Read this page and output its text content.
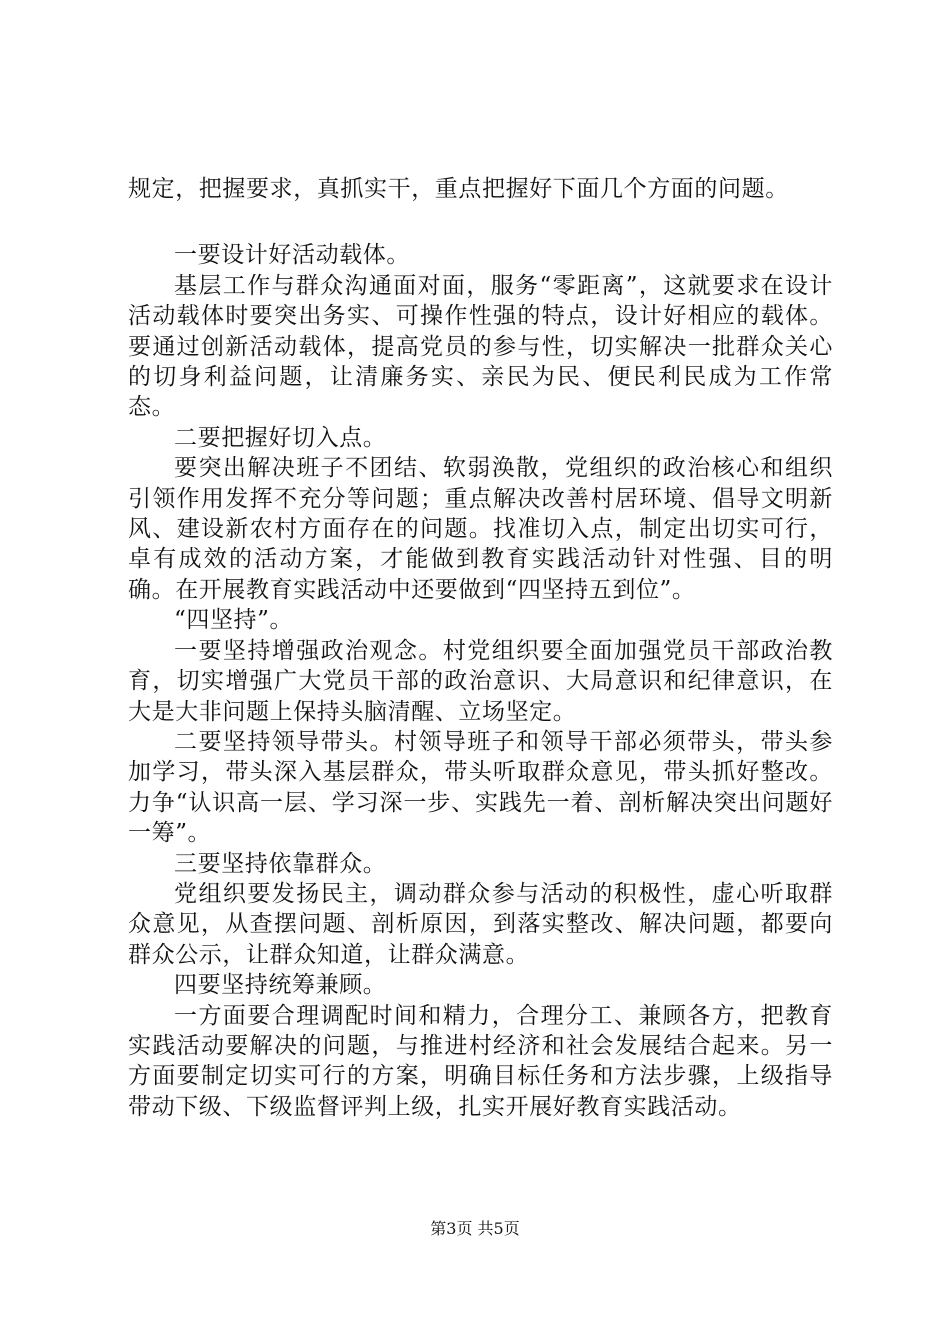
规定，把握要求，真抓实干，重点把握好下面几个方面的问题。

一要设计好活动载体。

基层工作与群众沟通面对面，服务“零距离”，这就要求在设计活动载体时要突出务实、可操作性强的特点，设计好相应的载体。要通过创新活动载体，提高党员的参与性，切实解决一批群众关心的切身利益问题，让清廉务实、亲民为民、便民利民成为工作常态。

二要把握好切入点。

要突出解决班子不团结、软弱涣散，党组织的政治核心和组织引领作用发挥不充分等问题；重点解决改善村居环境、倡导文明新风、建设新农村方面存在的问题。找准切入点，制定出切实可行，卓有成效的活动方案，才能做到教育实践活动针对性强、目的明确。在开展教育实践活动中还要做到“四坚持五到位”。

“四坚持”。

一要坚持增强政治观念。村党组织要全面加强党员干部政治教育，切实增强广大党员干部的政治意识、大局意识和纪律意识，在大是大非问题上保持头脑清醒、立场坚定。

二要坚持领导带头。村领导班子和领导干部必须带头，带头参加学习，带头深入基层群众，带头听取群众意见，带头抓好整改。力争“认识高一层、学习深一步、实践先一着、剖析解决突出问题好一筹”。

三要坚持依靠群众。

党组织要发扬民主，调动群众参与活动的积极性，虚心听取群众意见，从查摆问题、剖析原因，到落实整改、解决问题，都要向群众公示，让群众知道，让群众满意。

四要坚持统筹兼顾。

一方面要合理调配时间和精力，合理分工、兼顾各方，把教育实践活动要解决的问题，与推进村经济和社会发展结合起来。另一方面要制定切实可行的方案，明确目标任务和方法步骤，上级指导带动下级、下级监督评判上级，扎实开展好教育实践活动。

第3页 共5页
